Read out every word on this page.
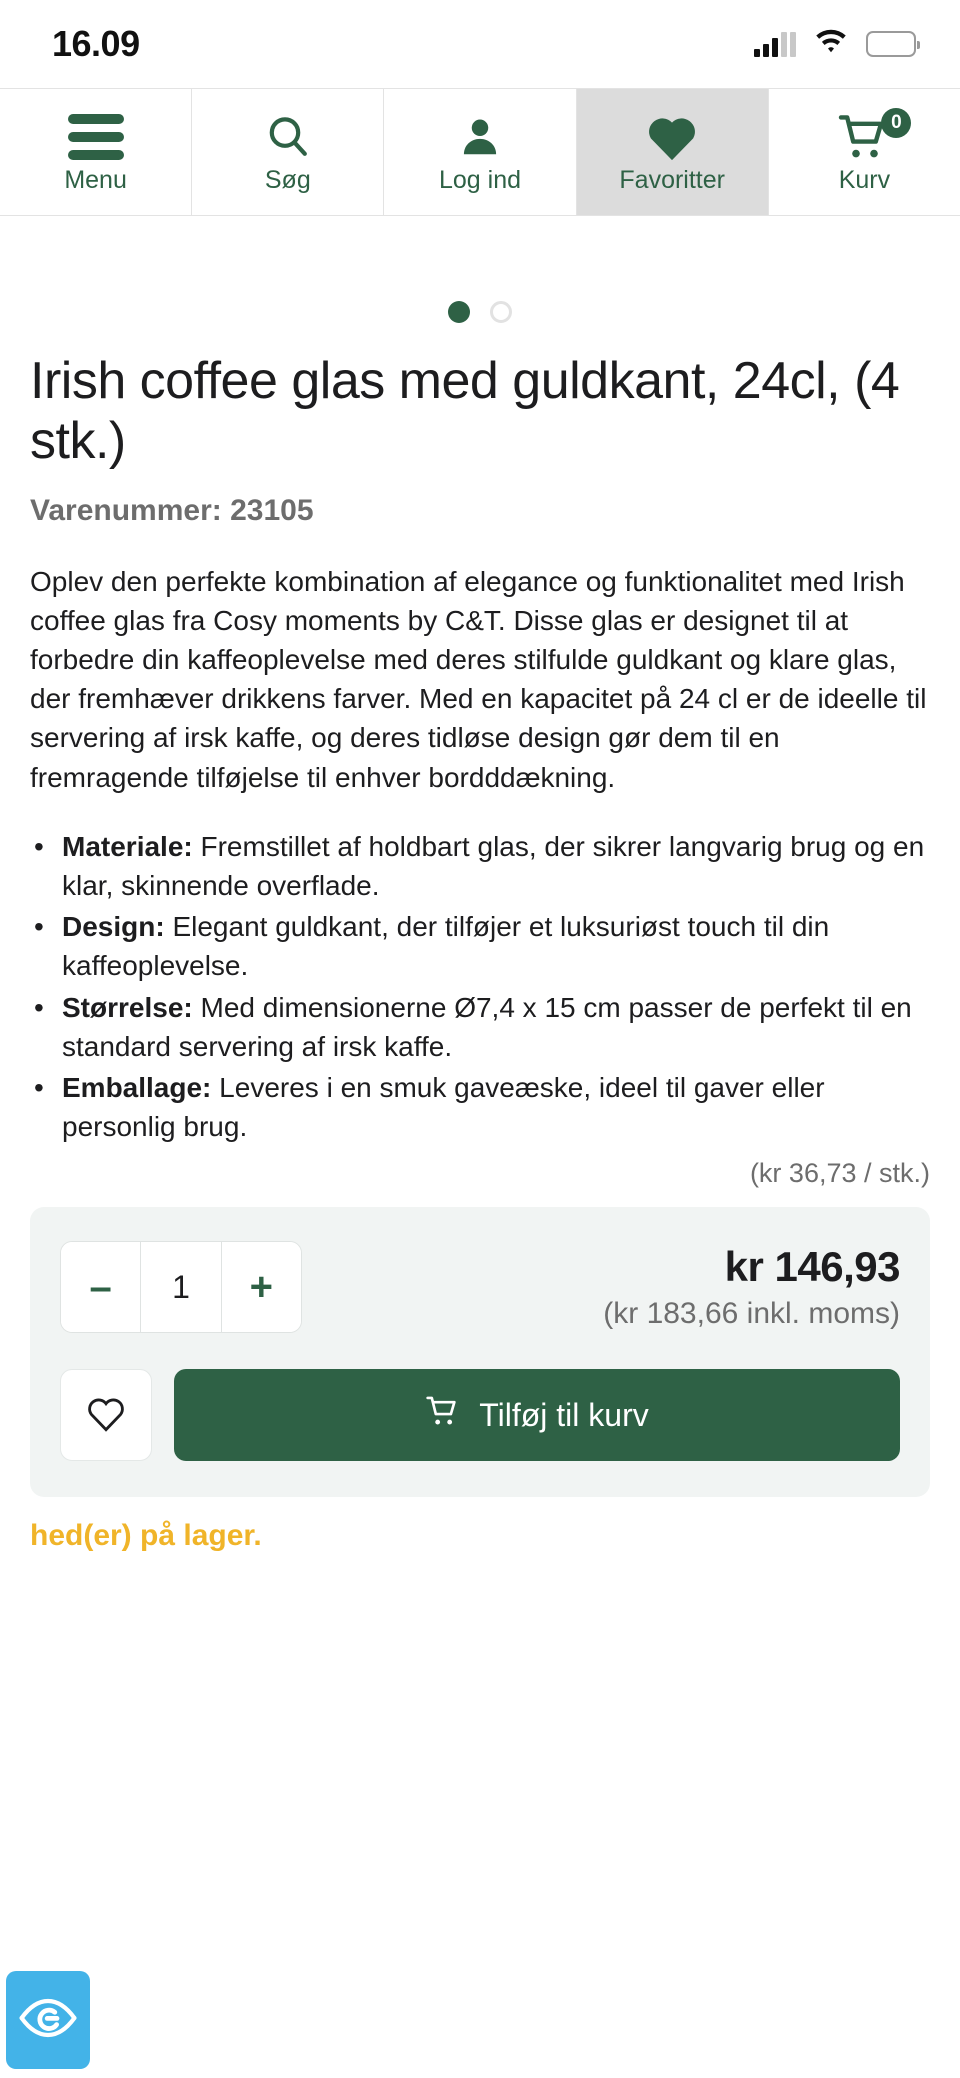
16.09
Menu	Søg	Log ind	Favoritter
0
Kurv
Irish coffee glas med guldkant, 24cl, (4 stk.)
Varenummer: 23105

Oplev den perfekte kombination af elegance og funktionalitet med Irish coffee glas fra Cosy moments by C&T. Disse glas er designet til at forbedre din kaffeoplevelse med deres stilfulde guldkant og klare glas, der fremhæver drikkens farver. Med en kapacitet på 24 cl er de ideelle til servering af irsk kaffe, og deres tidløse design gør dem til en fremragende tilføjelse til enhver bordddækning.

• Materiale: Fremstillet af holdbart glas, der sikrer langvarig brug og en klar, skinnende overflade.
• Design: Elegant guldkant, der tilføjer et luksuriøst touch til din kaffeoplevelse.
• Størrelse: Med dimensionerne Ø7,4 x 15 cm passer de perfekt til en standard servering af irsk kaffe.
• Emballage: Leveres i en smuk gaveæske, ideel til gaver eller personlig brug.
(kr 36,73 / stk.)
–	1	+	kr 146,93
(kr 183,66 inkl. moms)
Tilføj til kurv
hed(er) på lager.
